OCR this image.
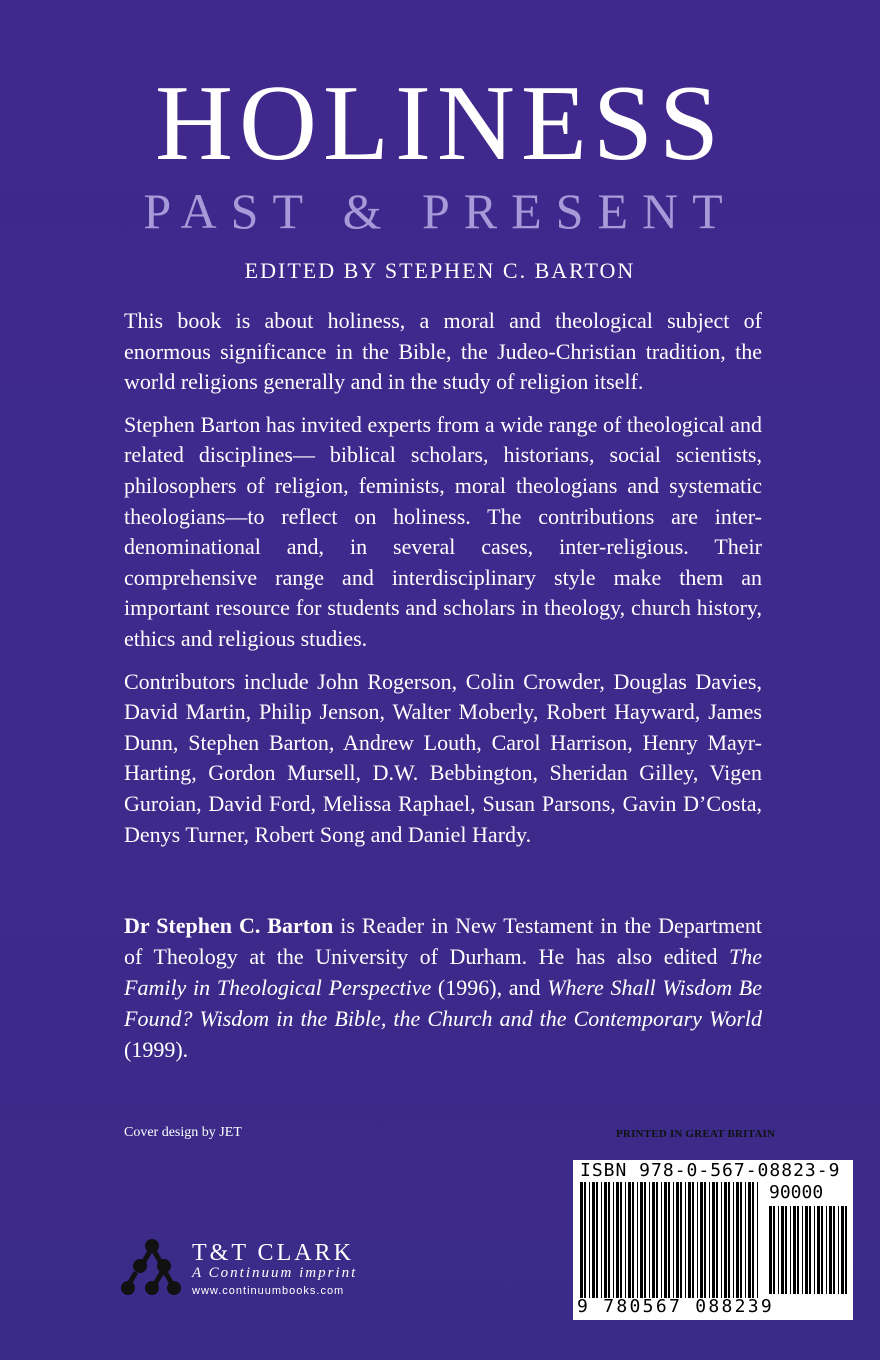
HOLINESS
PAST & PRESENT
EDITED BY STEPHEN C. BARTON

This book is about holiness, a moral and theological subject of enormous significance in the Bible, the Judeo-Christian tradition, the world religions generally and in the study of religion itself.

Stephen Barton has invited experts from a wide range of theological and related disciplines— biblical scholars, historians, social scientists, philosophers of religion, feminists, moral theologians and systematic theologians—to reflect on holiness. The contributions are inter-denominational and, in several cases, inter-religious. Their comprehensive range and interdisciplinary style make them an important resource for students and scholars in theology, church history, ethics and religious studies.

Contributors include John Rogerson, Colin Crowder, Douglas Davies, David Martin, Philip Jenson, Walter Moberly, Robert Hayward, James Dunn, Stephen Barton, Andrew Louth, Carol Harrison, Henry Mayr-Harting, Gordon Mursell, D.W. Bebbington, Sheridan Gilley, Vigen Guroian, David Ford, Melissa Raphael, Susan Parsons, Gavin D’Costa, Denys Turner, Robert Song and Daniel Hardy.

Dr Stephen C. Barton is Reader in New Testament in the Department of Theology at the University of Durham. He has also edited The Family in Theological Perspective (1996), and Where Shall Wisdom Be Found? Wisdom in the Bible, the Church and the Contemporary World (1999).
Cover design by JET	PRINTED IN GREAT BRITAIN
ISBN 978-0-567-08823-9
90000
9 780567 088239
T&T CLARK
A Continuum imprint
www.continuumbooks.com
